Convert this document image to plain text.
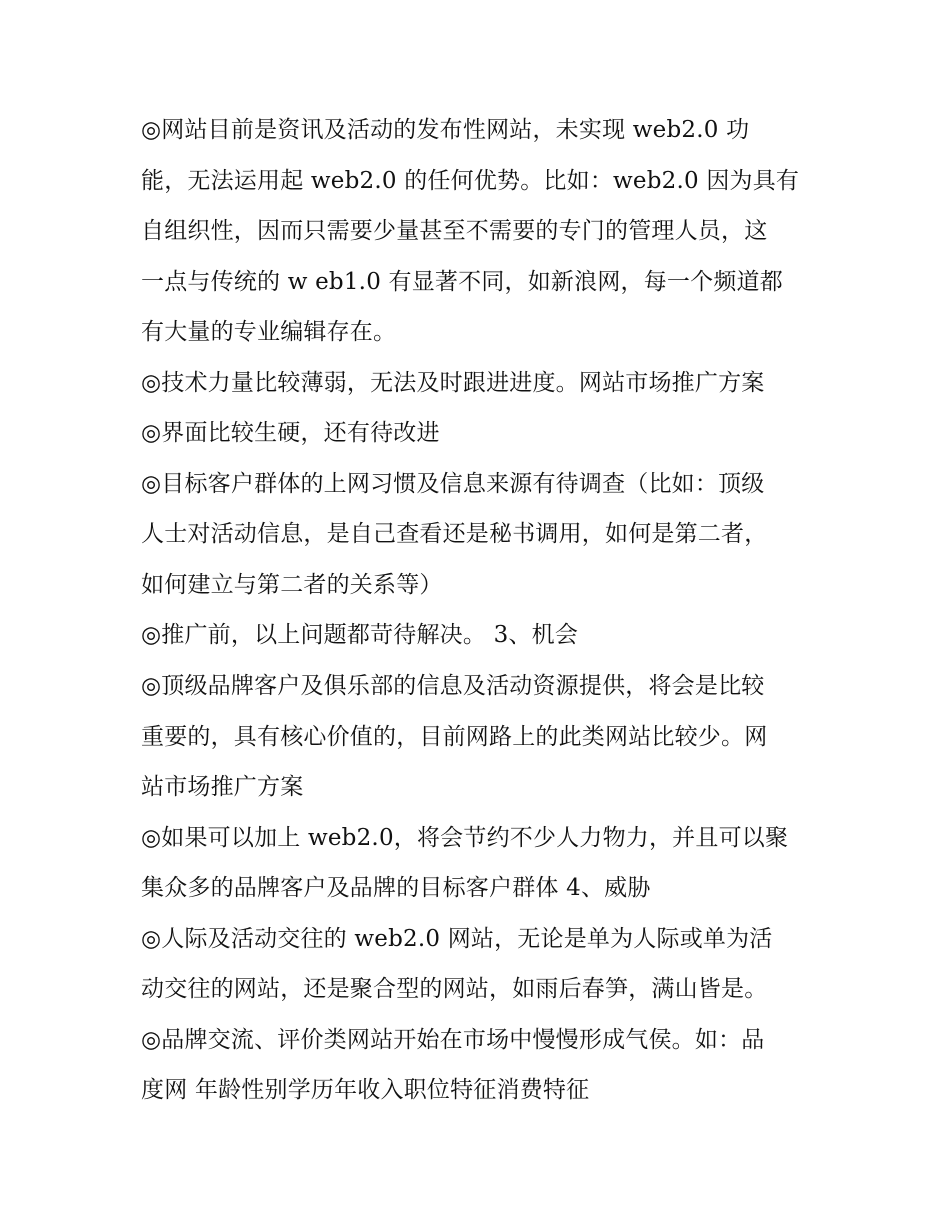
◎网站目前是资讯及活动的发布性网站，未实现 web2.0 功
能，无法运用起 web2.0 的任何优势。比如：web2.0 因为具有
自组织性，因而只需要少量甚至不需要的专门的管理人员，这
一点与传统的 w eb1.0 有显著不同，如新浪网，每一个频道都
有大量的专业编辑存在。
◎技术力量比较薄弱，无法及时跟进进度。网站市场推广方案
◎界面比较生硬，还有待改进
◎目标客户群体的上网习惯及信息来源有待调查（比如：顶级
人士对活动信息，是自己查看还是秘书调用，如何是第二者，
如何建立与第二者的关系等）
◎推广前，以上问题都苛待解决。 3、机会
◎顶级品牌客户及俱乐部的信息及活动资源提供，将会是比较
重要的，具有核心价值的，目前网路上的此类网站比较少。网
站市场推广方案
◎如果可以加上 web2.0，将会节约不少人力物力，并且可以聚
集众多的品牌客户及品牌的目标客户群体 4、威胁
◎人际及活动交往的 web2.0 网站，无论是单为人际或单为活
动交往的网站，还是聚合型的网站，如雨后春笋，满山皆是。
◎品牌交流、评价类网站开始在市场中慢慢形成气侯。如：品
度网 年龄性别学历年收入职位特征消费特征
